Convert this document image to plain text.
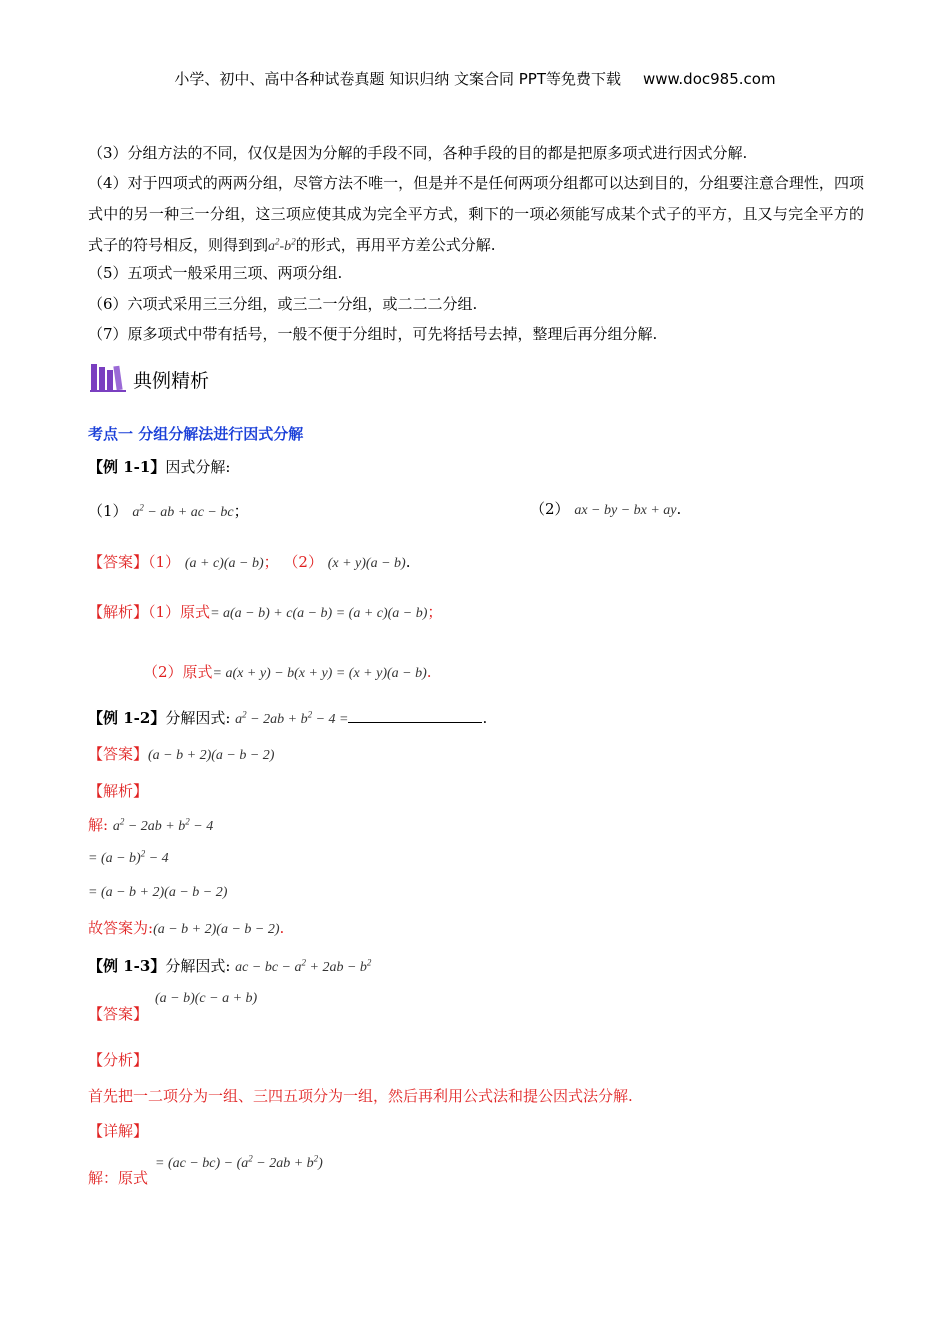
小学、初中、高中各种试卷真题 知识归纳 文案合同 PPT等免费下载 www.doc985.com
（3）分组方法的不同，仅仅是因为分解的手段不同，各种手段的目的都是把原多项式进行因式分解.
（4）对于四项式的两两分组，尽管方法不唯一，但是并不是任何两项分组都可以达到目的，分组要注意合理性，四项式中的另一种三一分组，这三项应使其成为完全平方式，剩下的一项必须能写成某个式子的平方，且又与完全平方的式子的符号相反，则得到到$a^2-b^2$的形式，再用平方差公式分解.
（5）五项式一般采用三项、两项分组.
（6）六项式采用三三分组，或三二一分组，或二二二分组.
（7）原多项式中带有括号，一般不便于分组时，可先将括号去掉，整理后再分组分解.
典例精析
考点一 分组分解法进行因式分解
【例 1-1】因式分解:
（1） $a^2$ − ab + ac − bc；	（2） ax − by − bx + ay.
【答案】（1） (a + c)(a − b)； （2） (x + y)(a − b).
【解析】（1）原式= a(a − b) + c(a − b) = (a + c)(a − b)；
（2）原式= a(x + y) − b(x + y) = (x + y)(a − b).
【例 1-2】分解因式: $a^2 - 2ab + b^2 - 4$ =	.
【答案】(a − b + 2)(a − b − 2)
【解析】
解: $a^2 - 2ab + b^2 - 4$
= $(a - b)^2 - 4$
= (a − b + 2)(a − b − 2)
故答案为:(a − b + 2)(a − b − 2).
【例 1-3】分解因式: ac − bc − $a^2 + 2ab - b^2$
(a − b)(c − a + b)
【答案】
【分析】
首先把一二项分为一组、三四五项分为一组，然后再利用公式法和提公因式法分解.
【详解】
解：原式
= $(ac - bc) - (a^2 - 2ab + b^2)$
